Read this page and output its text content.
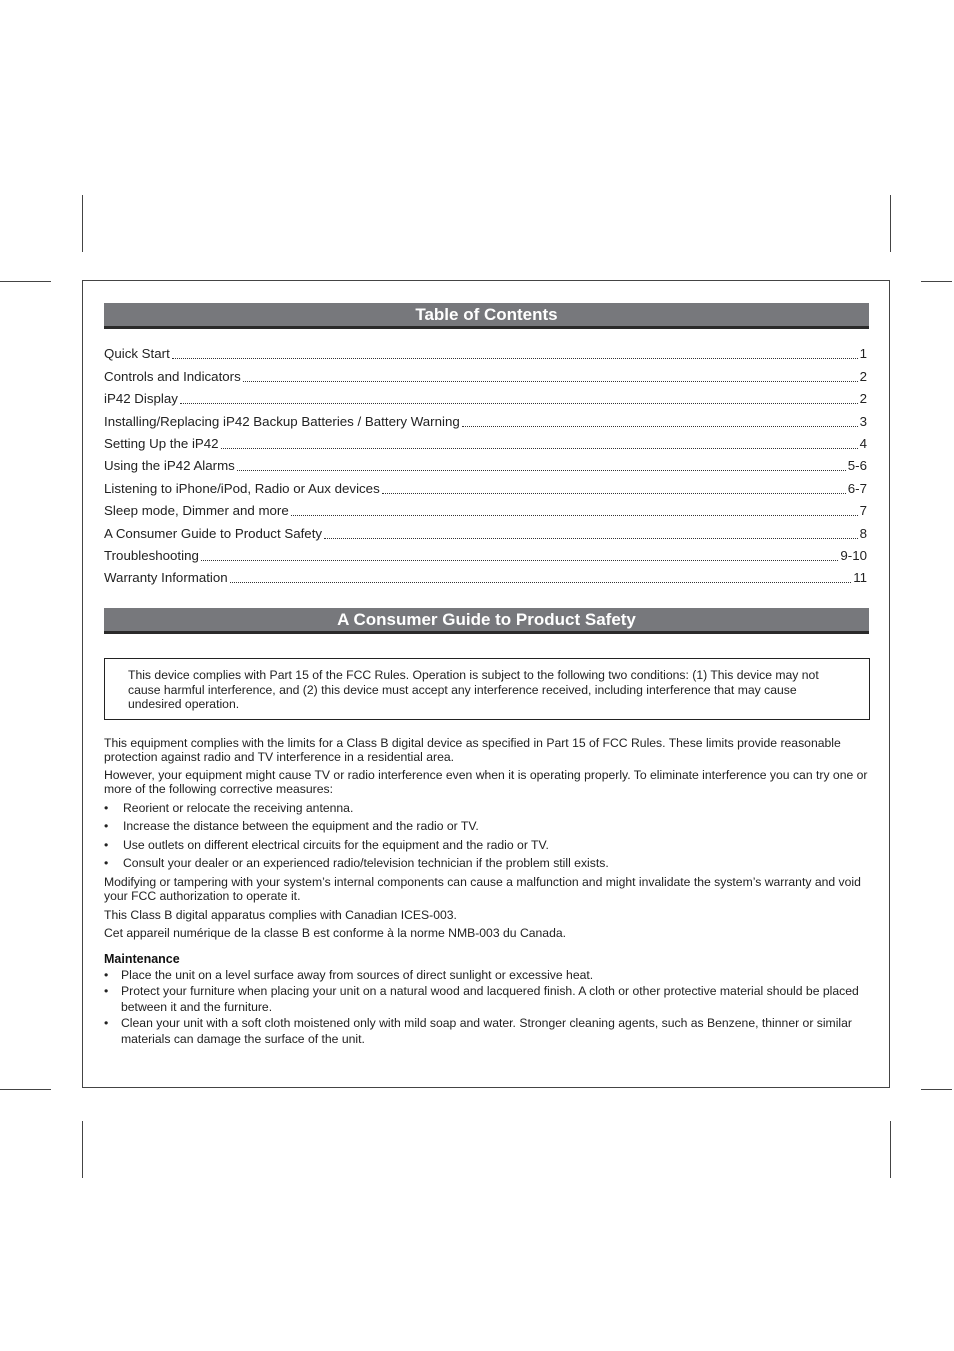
Table of Contents
Quick Start	1
Controls and Indicators	2
iP42 Display	2
Installing/Replacing iP42 Backup Batteries / Battery Warning	3
Setting Up the iP42	4
Using the iP42 Alarms	5-6
Listening to iPhone/iPod, Radio or Aux devices	6-7
Sleep mode, Dimmer and more	7
A Consumer Guide to Product Safety	8
Troubleshooting	9-10
Warranty Information	11
A Consumer Guide to Product Safety
This device complies with Part 15 of the FCC Rules. Operation is subject to the following two conditions: (1) This device may not cause harmful interference, and (2) this device must accept any interference received, including interference that may cause undesired operation.
This equipment complies with the limits for a Class B digital device as specified in Part 15 of FCC Rules. These limits provide reasonable protection against radio and TV interference in a residential area.
However, your equipment might cause TV or radio interference even when it is operating properly. To eliminate interference you can try one or more of the following corrective measures:
• Reorient or relocate the receiving antenna.
• Increase the distance between the equipment and the radio or TV.
• Use outlets on different electrical circuits for the equipment and the radio or TV.
• Consult your dealer or an experienced radio/television technician if the problem still exists.
Modifying or tampering with your system’s internal components can cause a malfunction and might invalidate the system’s warranty and void your FCC authorization to operate it.
This Class B digital apparatus complies with Canadian ICES-003.
Cet appareil numérique de la classe B est conforme à la norme NMB-003 du Canada.
Maintenance
• Place the unit on a level surface away from sources of direct sunlight or excessive heat.
• Protect your furniture when placing your unit on a natural wood and lacquered finish. A cloth or other protective material should be placed between it and the furniture.
• Clean your unit with a soft cloth moistened only with mild soap and water. Stronger cleaning agents, such as Benzene, thinner or similar materials can damage the surface of the unit.
